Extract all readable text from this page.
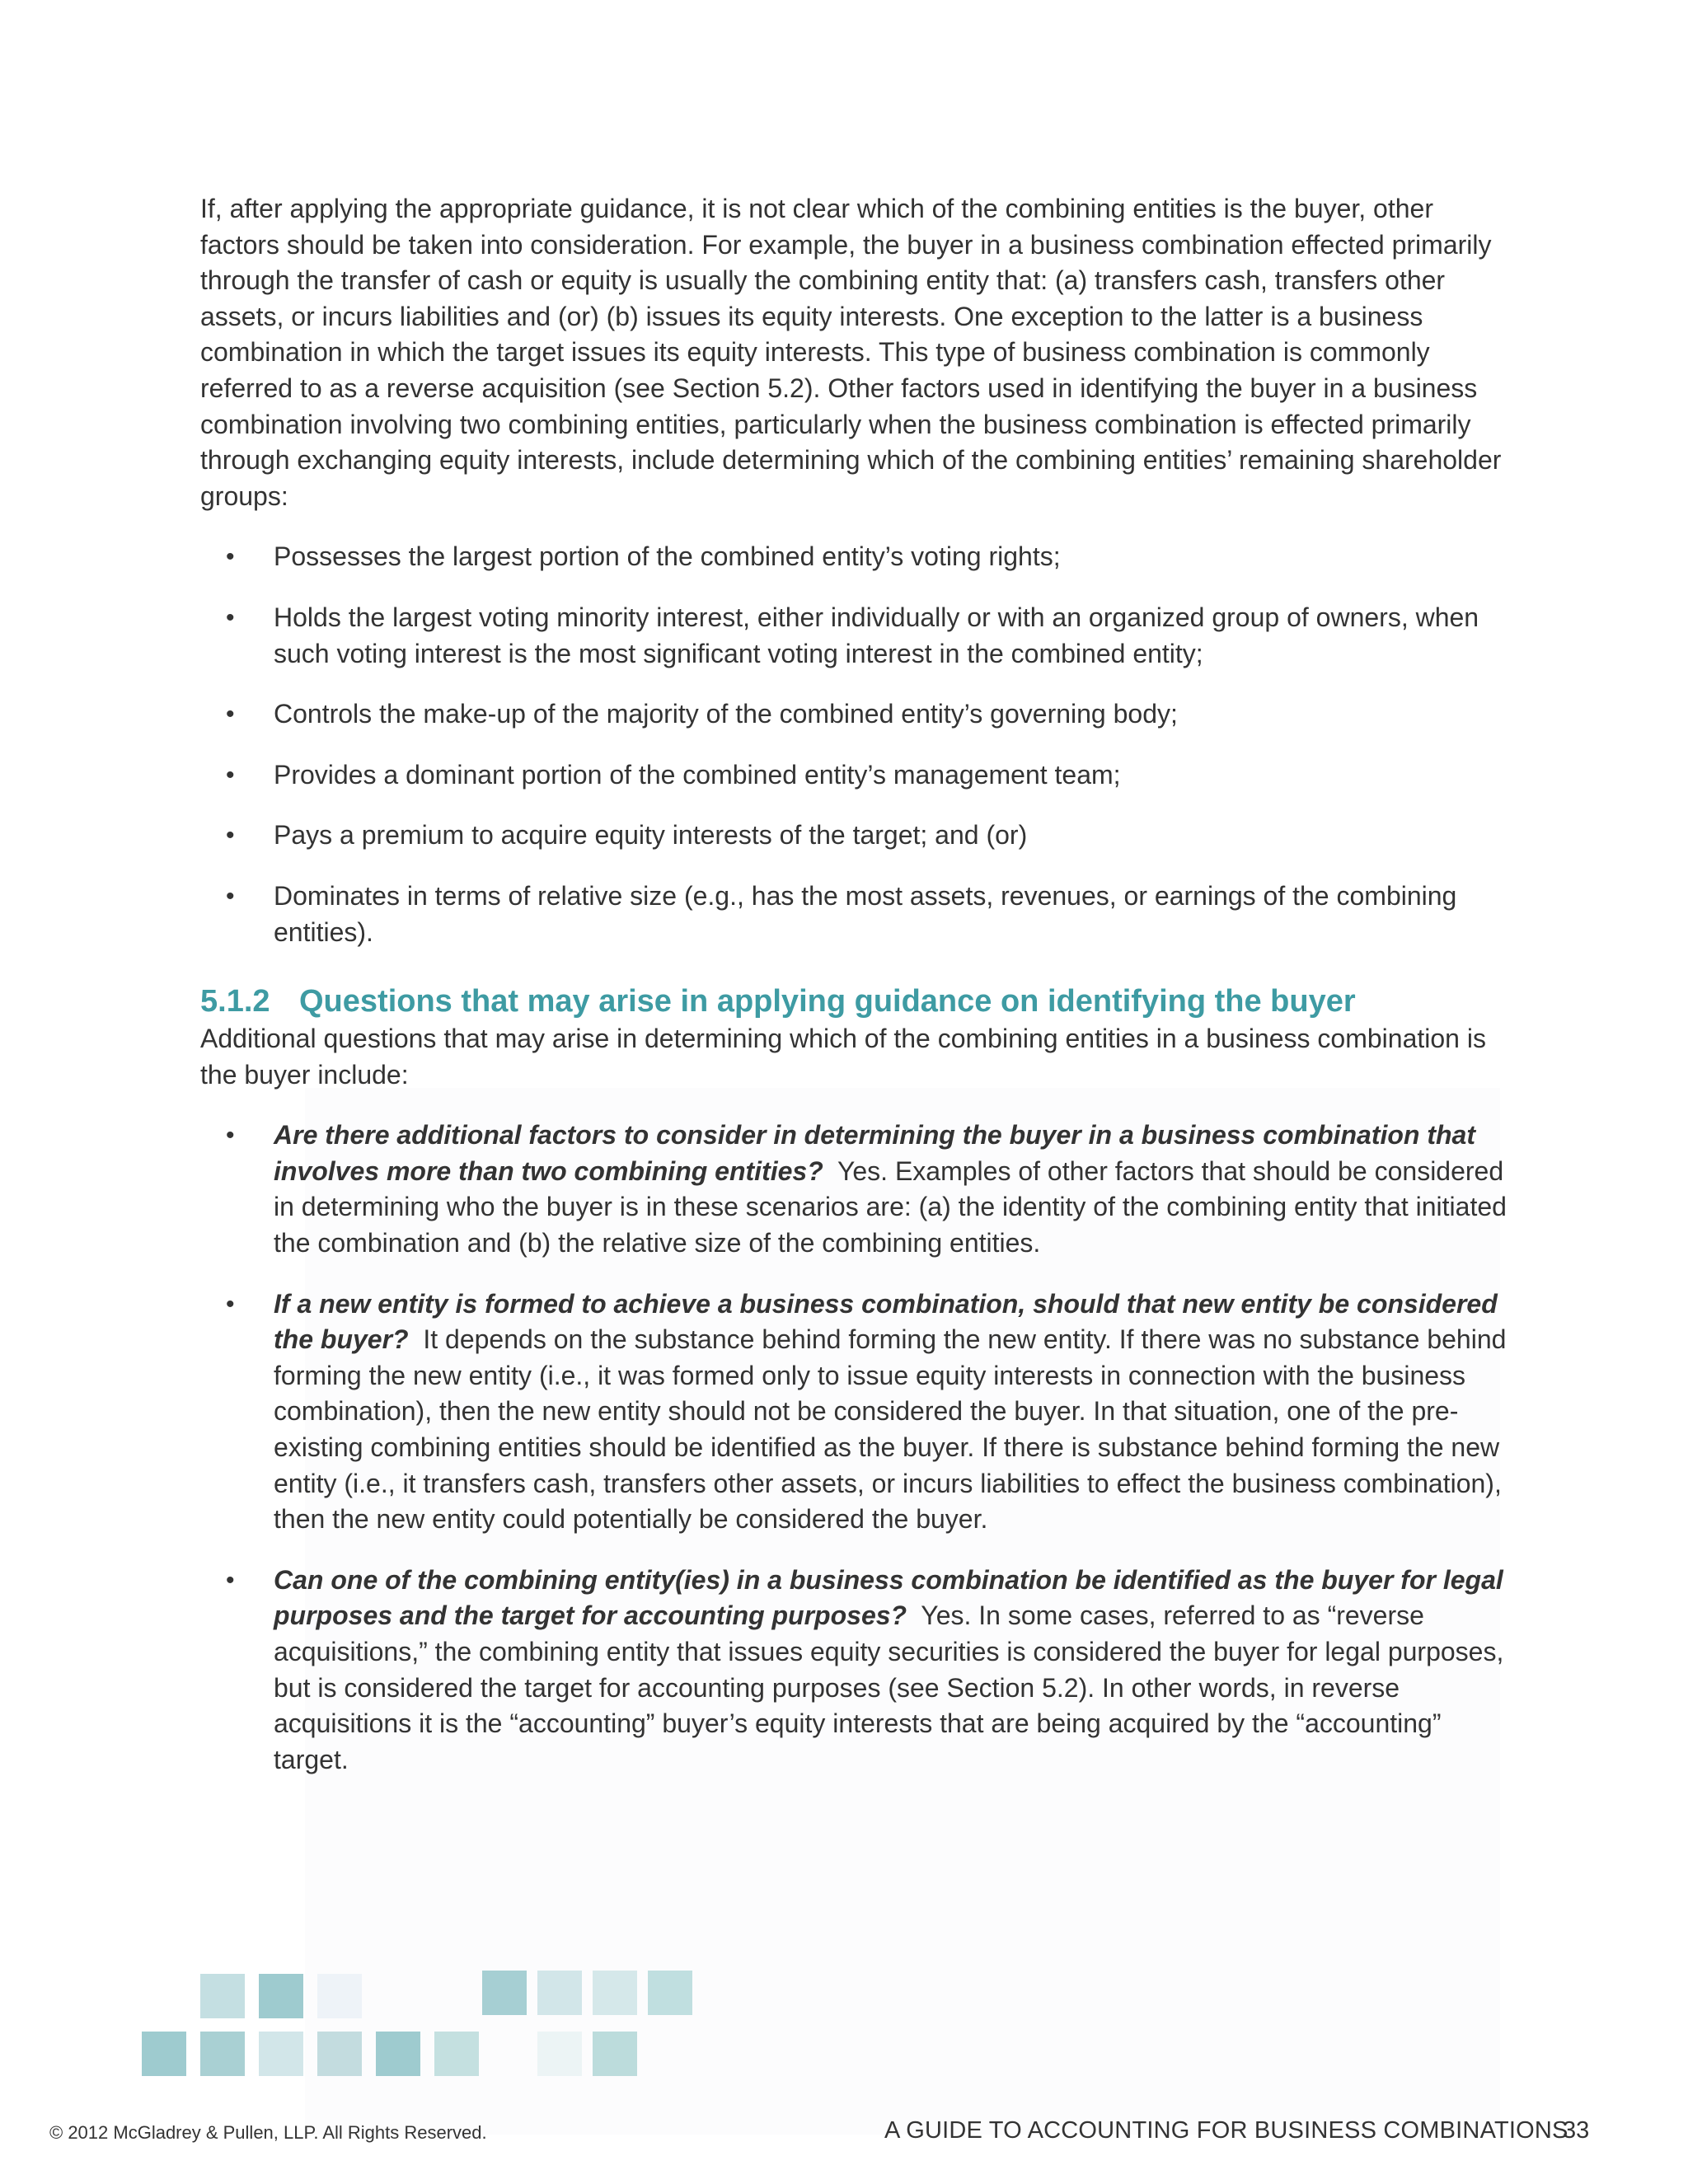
If, after applying the appropriate guidance, it is not clear which of the combining entities is the buyer, other factors should be taken into consideration. For example, the buyer in a business combination effected primarily through the transfer of cash or equity is usually the combining entity that: (a) transfers cash, transfers other assets, or incurs liabilities and (or) (b) issues its equity interests. One exception to the latter is a business combination in which the target issues its equity interests. This type of business combination is commonly referred to as a reverse acquisition (see Section 5.2). Other factors used in identifying the buyer in a business combination involving two combining entities, particularly when the business combination is effected primarily through exchanging equity interests, include determining which of the combining entities’ remaining shareholder groups:

• Possesses the largest portion of the combined entity’s voting rights;
• Holds the largest voting minority interest, either individually or with an organized group of owners, when such voting interest is the most significant voting interest in the combined entity;
• Controls the make-up of the majority of the combined entity’s governing body;
• Provides a dominant portion of the combined entity’s management team;
• Pays a premium to acquire equity interests of the target; and (or)
• Dominates in terms of relative size (e.g., has the most assets, revenues, or earnings of the combining entities).
5.1.2 Questions that may arise in applying guidance on identifying the buyer

Additional questions that may arise in determining which of the combining entities in a business combination is the buyer include:

• Are there additional factors to consider in determining the buyer in a business combination that involves more than two combining entities? Yes. Examples of other factors that should be considered in determining who the buyer is in these scenarios are: (a) the identity of the combining entity that initiated the combination and (b) the relative size of the combining entities.
• If a new entity is formed to achieve a business combination, should that new entity be considered the buyer? It depends on the substance behind forming the new entity. If there was no substance behind forming the new entity (i.e., it was formed only to issue equity interests in connection with the business combination), then the new entity should not be considered the buyer. In that situation, one of the pre-existing combining entities should be identified as the buyer. If there is substance behind forming the new entity (i.e., it transfers cash, transfers other assets, or incurs liabilities to effect the business combination), then the new entity could potentially be considered the buyer.
• Can one of the combining entity(ies) in a business combination be identified as the buyer for legal purposes and the target for accounting purposes? Yes. In some cases, referred to as “reverse acquisitions,” the combining entity that issues equity securities is considered the buyer for legal purposes, but is considered the target for accounting purposes (see Section 5.2). In other words, in reverse acquisitions it is the “accounting” buyer’s equity interests that are being acquired by the “accounting” target.
© 2012 McGladrey & Pullen, LLP. All Rights Reserved.	A GUIDE TO ACCOUNTING FOR BUSINESS COMBINATIONS
33
